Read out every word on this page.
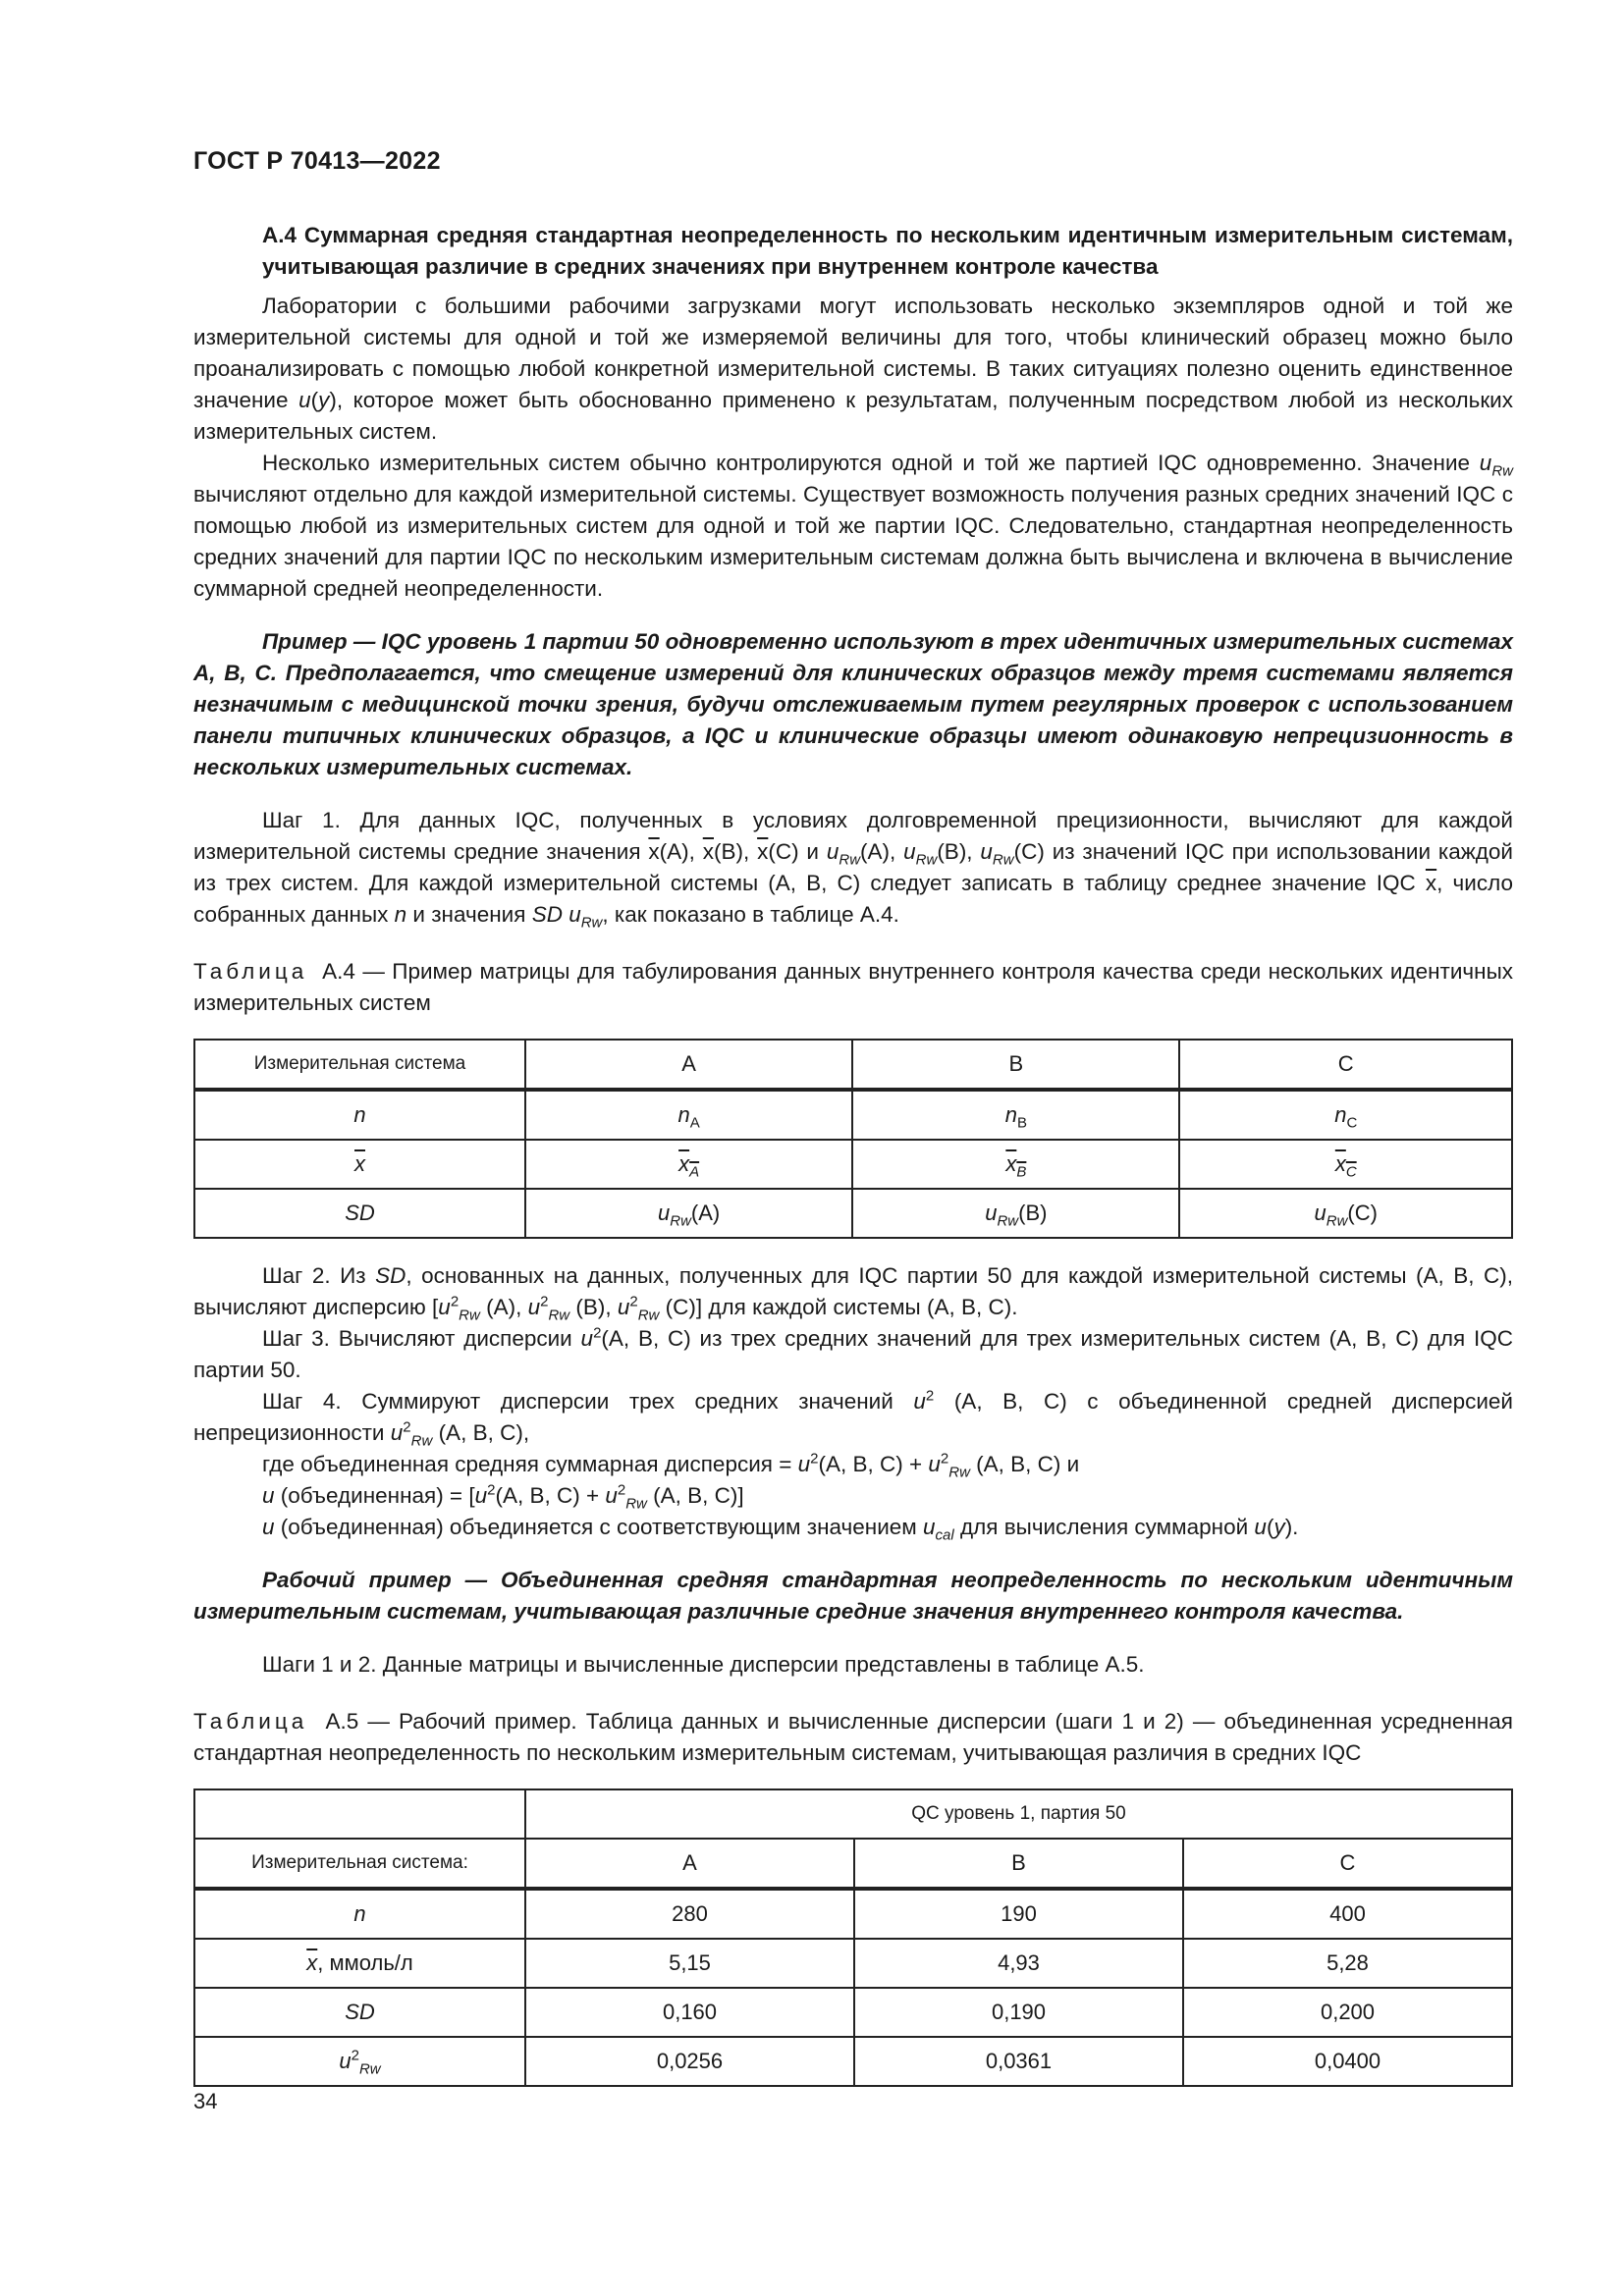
ГОСТ Р 70413—2022

А.4 Суммарная средняя стандартная неопределенность по нескольким идентичным измерительным системам, учитывающая различие в средних значениях при внутреннем контроле качества

Лаборатории с большими рабочими загрузками могут использовать несколько экземпляров одной и той же измерительной системы для одной и той же измеряемой величины для того, чтобы клинический образец можно было проанализировать с помощью любой конкретной измерительной системы. В таких ситуациях полезно оценить единственное значение u(y), которое может быть обоснованно применено к результатам, полученным посредством любой из нескольких измерительных систем.

Несколько измерительных систем обычно контролируются одной и той же партией IQC одновременно. Значение $u_{Rw}$ вычисляют отдельно для каждой измерительной системы. Существует возможность получения разных средних значений IQC с помощью любой из измерительных систем для одной и той же партии IQC. Следовательно, стандартная неопределенность средних значений для партии IQC по нескольким измерительным системам должна быть вычислена и включена в вычисление суммарной средней неопределенности.

Пример — IQC уровень 1 партии 50 одновременно используют в трех идентичных измерительных системах А, В, С. Предполагается, что смещение измерений для клинических образцов между тремя системами является незначимым с медицинской точки зрения, будучи отслеживаемым путем регулярных проверок с использованием панели типичных клинических образцов, а IQC и клинические образцы имеют одинаковую непрецизионность в нескольких измерительных системах.

Шаг 1. Для данных IQC, полученных в условиях долговременной прецизионности, вычисляют для каждой измерительной системы средние значения $\overline{x}(А)$, $\overline{x}(В)$, $\overline{x}(С)$ и $u_{Rw}(А)$, $u_{Rw}(В)$, $u_{Rw}(С)$ из значений IQC при использовании каждой из трех систем. Для каждой измерительной системы (А, В, С) следует записать в таблицу среднее значение IQC $\overline{x}$, число собранных данных n и значения SD $u_{Rw}$, как показано в таблице А.4.

Таблица А.4 — Пример матрицы для табулирования данных внутреннего контроля качества среди нескольких идентичных измерительных систем

Измерительная система	А	В	С
n	$n_А$	$n_В$	$n_С$
$\overline{x}$	$x_A$	$x_B$	$x_C$
SD	$u_{Rw}(A)$	$u_{Rw}(B)$	$u_{Rw}(C)$

Шаг 2. Из SD, основанных на данных, полученных для IQC партии 50 для каждой измерительной системы (А, В, С), вычисляют дисперсию [$u^2_{Rw}$ (А), $u^2_{Rw}$ (В), $u^2_{Rw}$ (С)] для каждой системы (А, В, С).

Шаг 3. Вычисляют дисперсии $u^2(А$, В, С) из трех средних значений для трех измерительных систем (А, В, С) для IQC партии 50.

Шаг 4. Суммируют дисперсии трех средних значений $u^2$ (А, В, С) с объединенной средней дисперсией непрецизионности $u^2_{Rw}$ (А, В, С),

где объединенная средняя суммарная дисперсия = $u^2(А$, В, $С) + u^2_{Rw}$ (А, В, С) и

u (объединенная) = [$u^2(А$, В, $С) + u^2_{Rw}$ (А, В, С)]

u (объединенная) объединяется с соответствующим значением $u_{cal}$ для вычисления суммарной u(y).

Рабочий пример — Объединенная средняя стандартная неопределенность по нескольким идентичным измерительным системам, учитывающая различные средние значения внутреннего контроля качества.

Шаги 1 и 2. Данные матрицы и вычисленные дисперсии представлены в таблице А.5.

Таблица А.5 — Рабочий пример. Таблица данных и вычисленные дисперсии (шаги 1 и 2) — объединенная усредненная стандартная неопределенность по нескольким измерительным системам, учитывающая различия в средних IQC

	QC уровень 1, партия 50		
Измерительная система:	А	В	С
n	280	190	400
$\overline{x}$, ммоль/л	5,15	4,93	5,28
SD	0,160	0,190	0,200
$u^2_{Rw}$	0,0256	0,0361	0,0400
34
